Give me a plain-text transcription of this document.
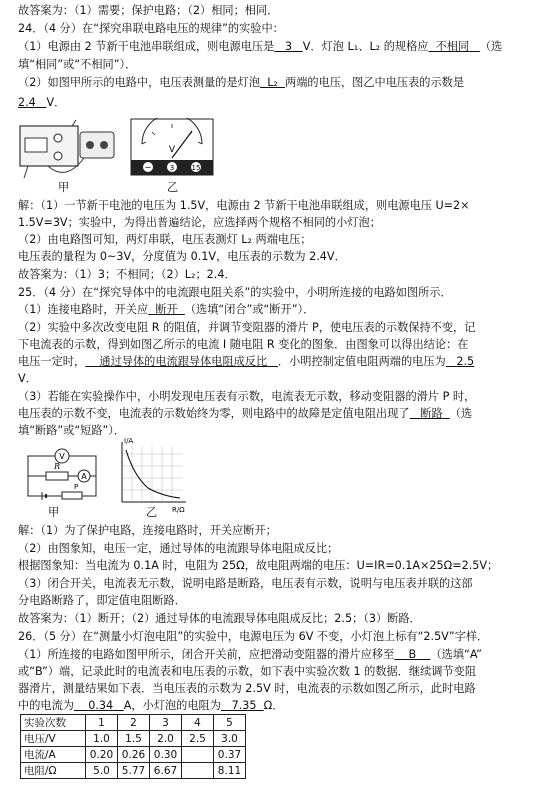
故答案为：（1）需要；保护电路；（2）相同；相同．
24．（4 分）在“探究串联电路电压的规律”的实验中：
（1）电源由 2 节新干电池串联组成，则电源电压是 3 V．灯泡 L₁、L₂ 的规格应 不相同 （选
填“相同”或“不相同”）．
（2）如图甲所示的电路中，电压表测量的是灯泡 L₂ 两端的电压，图乙中电压表的示数是
2.4 V．
甲
V
−	3 15
乙
解：（1）一节新干电池的电压为 1.5V，电源由 2 节新干电池串联组成，则电源电压 U=2×
1.5V=3V；实验中，为得出普遍结论，应选择两个规格不相同的小灯泡；
（2）由电路图可知，两灯串联，电压表测灯 L₂ 两端电压；
电压表的量程为 0~3V，分度值为 0.1V，电压表的示数为 2.4V．
故答案为：（1）3；不相同；（2）L₂；2.4．
25．（4 分）在“探究导体中的电流跟电阻关系”的实验中，小明所连接的电路如图所示．
（1）连接电路时，开关应 断开 （选填“闭合”或“断开”）．
（2）实验中多次改变电阻 R 的阻值，并调节变阻器的滑片 P，使电压表的示数保持不变，记
下电流表的示数，得到如图乙所示的电流 I 随电阻 R 变化的图象．由图象可以得出结论：在
电压一定时， 通过导体的电流跟导体电阻成反比 ．小明控制定值电阻两端的电压为 2.5
V．
（3）若能在实验操作中，小明发现电压表有示数，电流表无示数，移动变阻器的滑片 P 时，
电压表的示数不变，电流表的示数始终为零，则电路中的故障是定值电阻出现了 断路 （选
填“断路”或“短路”）．
V
R
A
P
甲
I/A
R/Ω
乙
解：（1）为了保护电路，连接电路时，开关应断开；
（2）由图象知，电压一定，通过导体的电流跟导体电阻成反比；
根据图象知：当电流为 0.1A 时，电阻为 25Ω，故电阻两端的电压：U=IR=0.1A×25Ω=2.5V；
（3）闭合开关，电流表无示数，说明电路是断路，电压表有示数，说明与电压表并联的这部
分电路断路了，即定值电阻断路．
故答案为：（1）断开；（2）通过导体的电流跟导体电阻成反比；2.5；（3）断路．
26．（5 分）在“测量小灯泡电阻”的实验中，电源电压为 6V 不变，小灯泡上标有“2.5V”字样．
（1）所连接的电路如图甲所示，闭合开关前，应把滑动变阻器的滑片应移至 B （选填“A”
或“B”）端，记录此时的电流表和电压表的示数，如下表中实验次数 1 的数据．继续调节变阻
器滑片，测量结果如下表．当电压表的示数为 2.5V 时，电流表的示数如图乙所示，此时电路
中的电流为 0.34 A，小灯泡的电阻为 7.35 Ω．
实验次数	1	2	3	4	5
电压/V	1.0	1.5	2.0	2.5	3.0
电流/A	0.20	0.26	0.30		0.37
电阻/Ω	5.0	5.77	6.67		8.11
